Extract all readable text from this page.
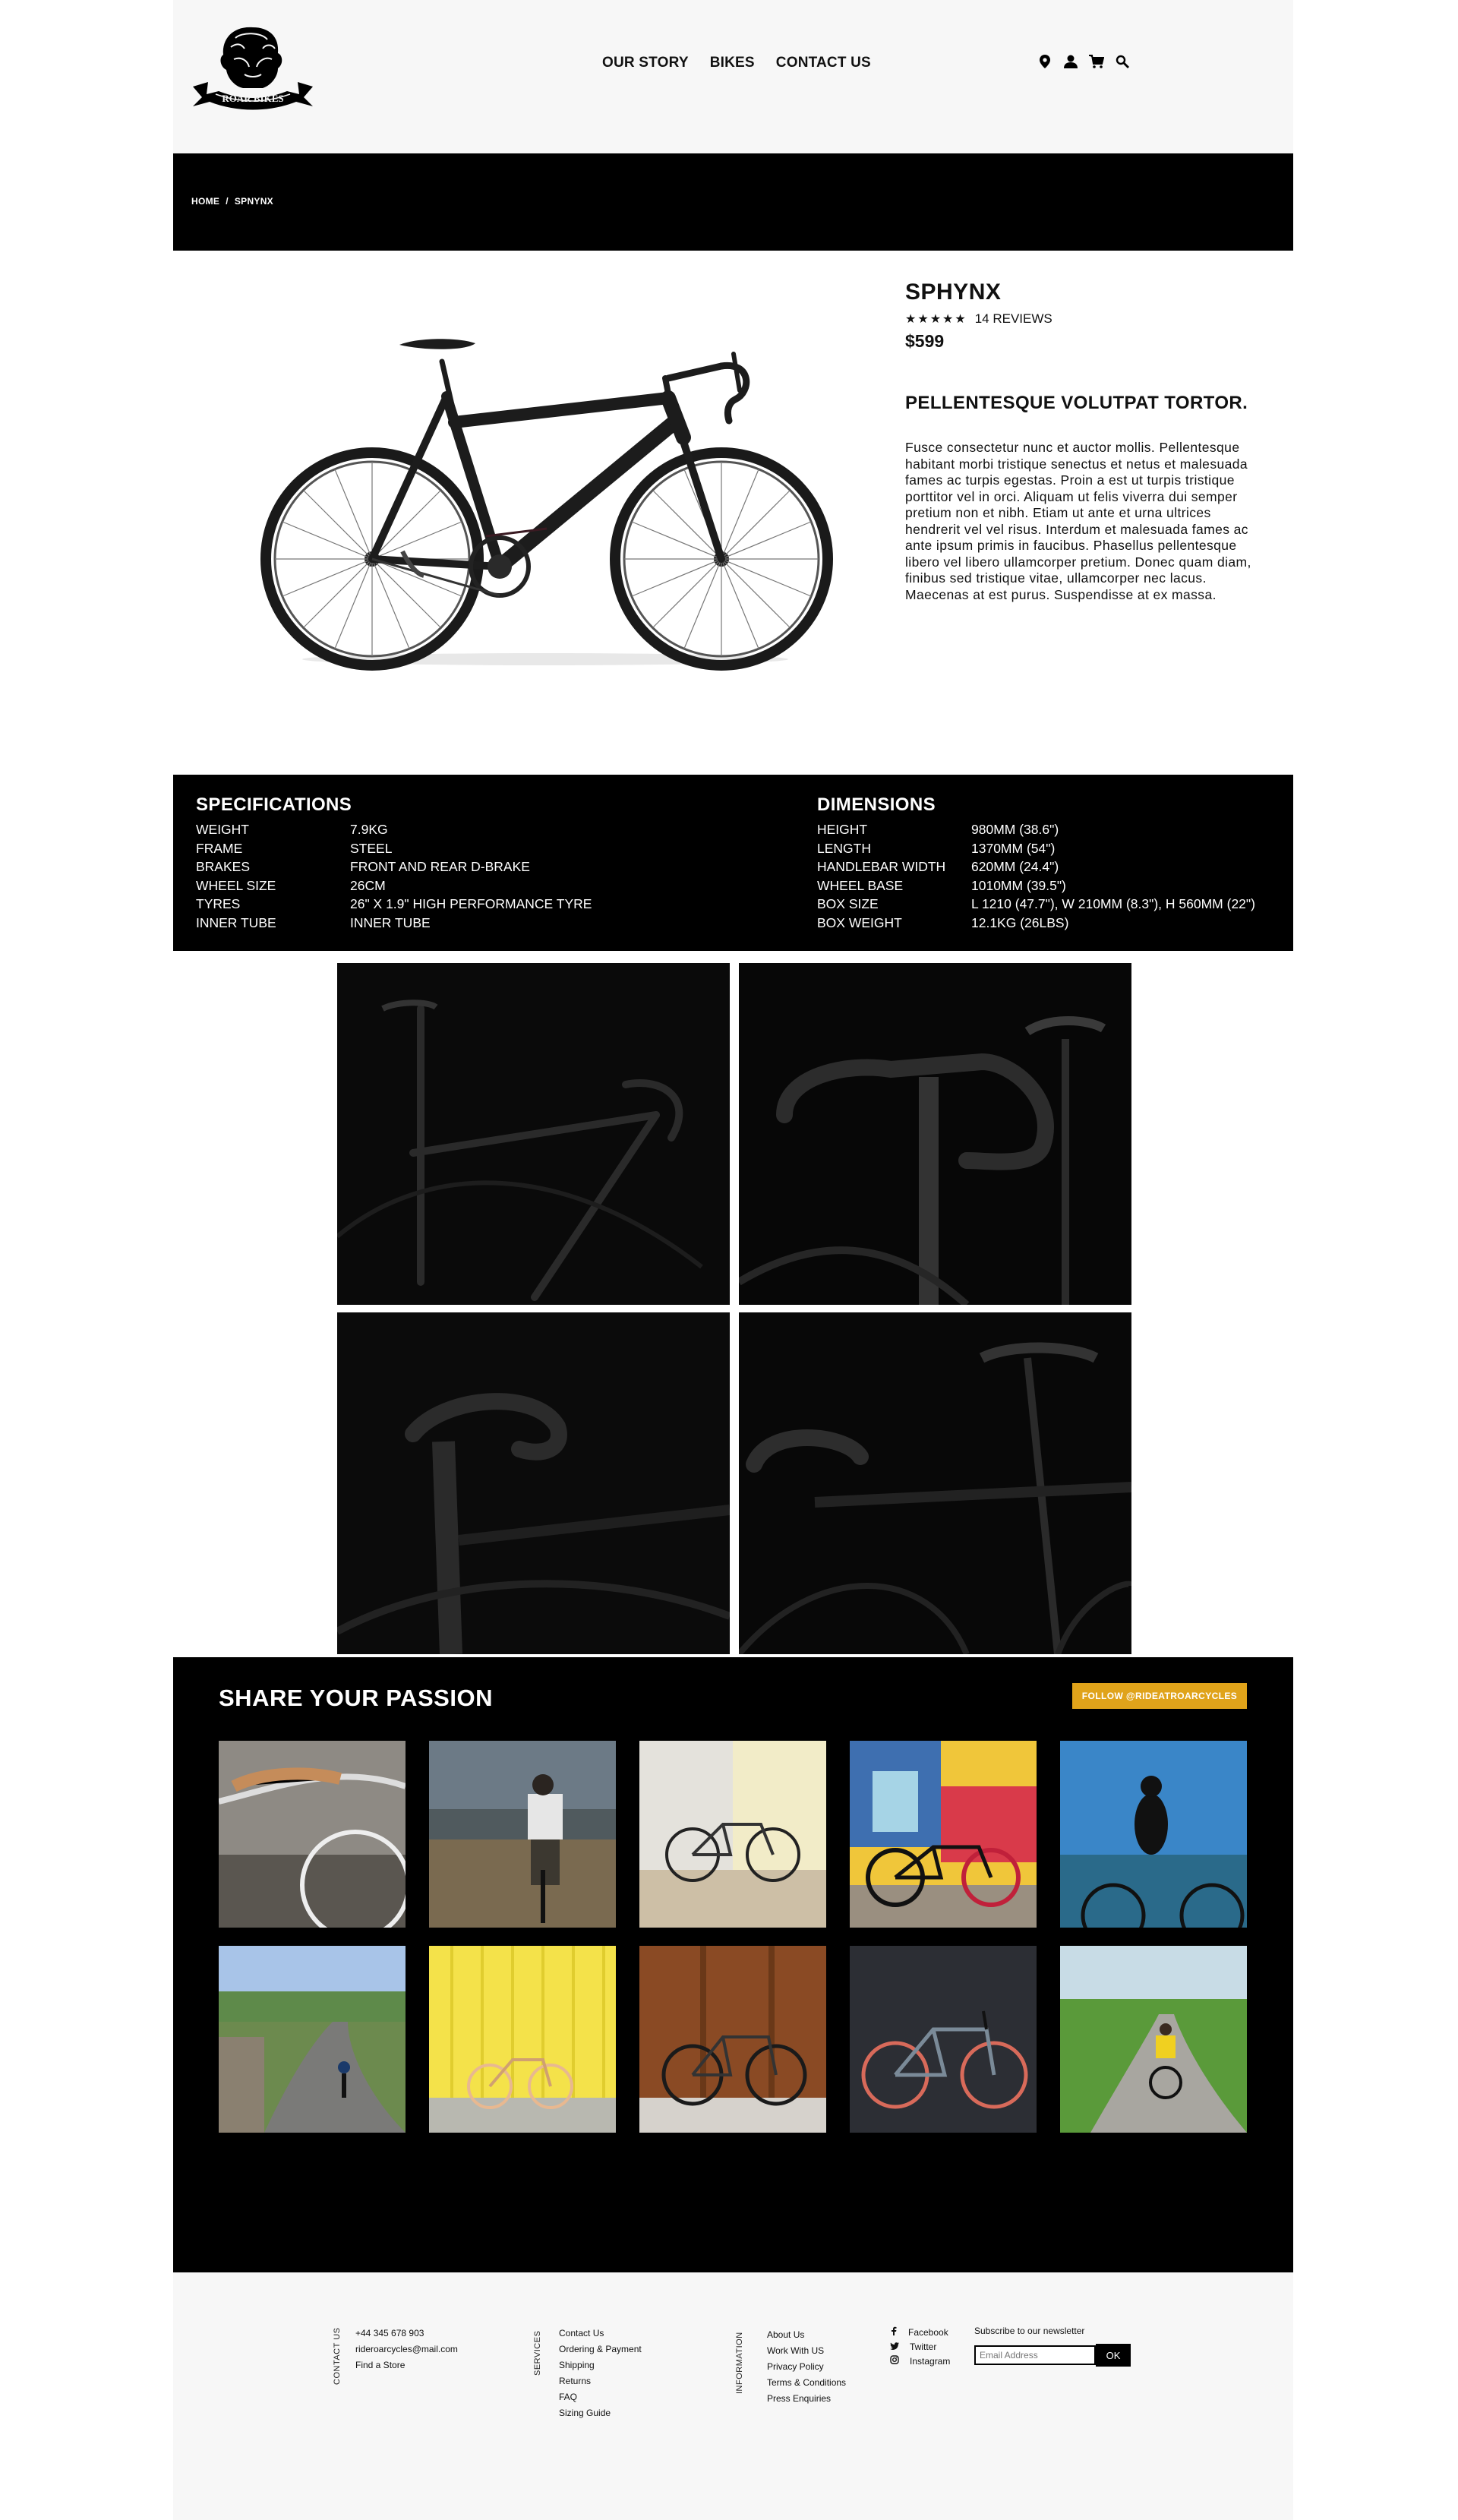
ROAR BIKES
OUR STORY BIKES CONTACT US
HOME / SPNYNX
SPHYNX
★★★★★ 14 REVIEWS
$599
PELLENTESQUE VOLUTPAT TORTOR.
Fusce consectetur nunc et auctor mollis. Pellentesque habitant morbi tristique senectus et netus et malesuada fames ac turpis egestas. Proin a est ut turpis tristique porttitor vel in orci. Aliquam ut felis viverra dui semper pretium non et nibh. Etiam ut ante et urna ultrices hendrerit vel vel risus. Interdum et malesuada fames ac ante ipsum primis in faucibus. Phasellus pellentesque libero vel libero ullamcorper pretium. Donec quam diam, finibus sed tristique vitae, ullamcorper nec lacus. Maecenas at est purus. Suspendisse at ex massa.
SPECIFICATIONS
WEIGHT	7.9KG
FRAME	STEEL
BRAKES	FRONT AND REAR D-BRAKE
WHEEL SIZE	26CM
TYRES	26" X 1.9" HIGH PERFORMANCE TYRE
INNER TUBE	INNER TUBE
DIMENSIONS
HEIGHT	980MM (38.6")
LENGTH	1370MM (54")
HANDLEBAR WIDTH	620MM (24.4")
WHEEL BASE	1010MM (39.5")
BOX SIZE	L 1210 (47.7"), W 210MM (8.3"), H 560MM (22")
BOX WEIGHT	12.1KG (26LBS)
SHARE YOUR PASSION	FOLLOW @RIDEATROARCYCLES
CONTACT US +44 345 678 903
rideroarcycles@mail.com
Find a Store	SERVICES Contact Us
Ordering & Payment
Shipping
Returns
FAQ
Sizing Guide
INFORMATION	About Us
Work With US
Privacy Policy
Terms & Conditions
Press Enquiries
Facebook
Twitter
Instagram
Subscribe to our newsletter
Email Address
OK
